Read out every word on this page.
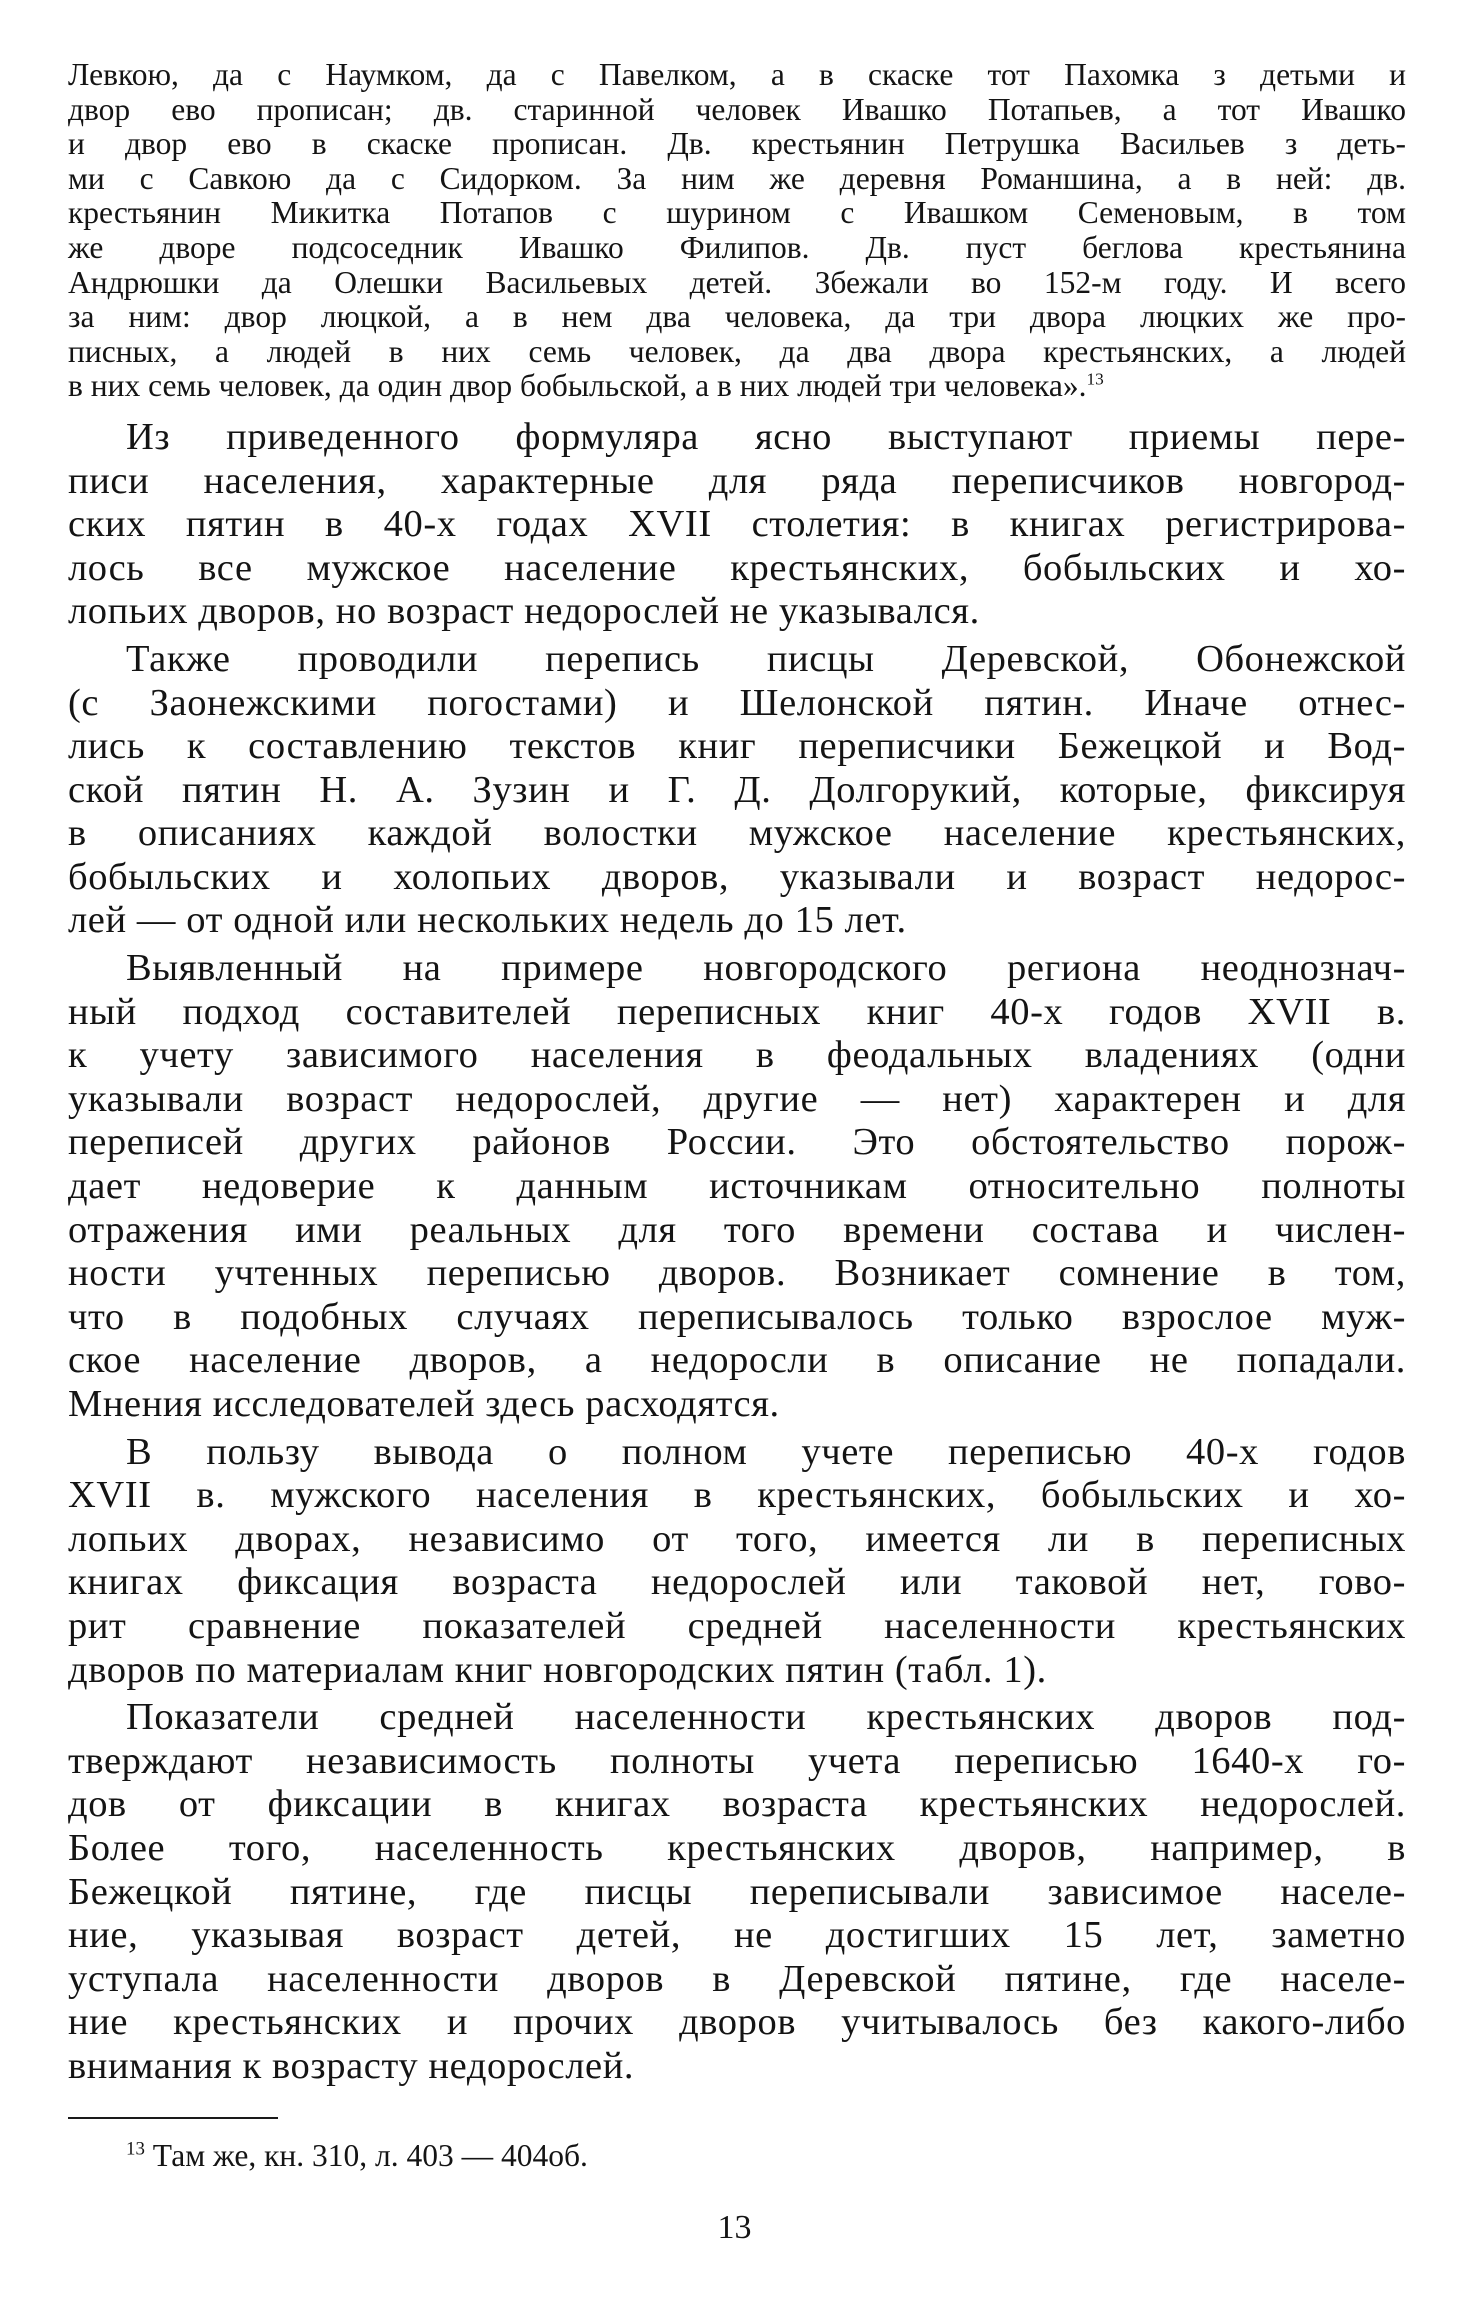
Левкою, да с Наумком, да с Павелком, а в скаске тот Пахомка з детьми и
двор ево прописан; дв. старинной человек Ивашко Потапьев, а тот Ивашко
и двор ево в скаске прописан. Дв. крестьянин Петрушка Васильев з деть-
ми с Савкою да с Сидорком. За ним же деревня Романшина, а в ней: дв.
крестьянин Микитка Потапов с шурином с Ивашком Семеновым, в том
же дворе подсоседник Ивашко Филипов. Дв. пуст беглова крестьянина
Андрюшки да Олешки Васильевых детей. Збежали во 152-м году. И всего
за ним: двор люцкой, а в нем два человека, да три двора люцких же про-
писных, а людей в них семь человек, да два двора крестьянских, а людей
в них семь человек, да один двор бобыльской, а в них людей три человека».$^{13}$
Из приведенного формуляра ясно выступают приемы пере-
писи населения, характерные для ряда переписчиков новгород-
ских пятин в 40-х годах XVII столетия: в книгах регистрирова-
лось все мужское население крестьянских, бобыльских и хо-
лопьих дворов, но возраст недорослей не указывался.
Также проводили перепись писцы Деревской, Обонежской
(с Заонежскими погостами) и Шелонской пятин. Иначе отнес-
лись к составлению текстов книг переписчики Бежецкой и Вод-
ской пятин Н. А. Зузин и Г. Д. Долгорукий, которые, фиксируя
в описаниях каждой волостки мужское население крестьянских,
бобыльских и холопьих дворов, указывали и возраст недорос-
лей — от одной или нескольких недель до 15 лет.
Выявленный на примере новгородского региона неоднознач-
ный подход составителей переписных книг 40-х годов XVII в.
к учету зависимого населения в феодальных владениях (одни
указывали возраст недорослей, другие — нет) характерен и для
переписей других районов России. Это обстоятельство порож-
дает недоверие к данным источникам относительно полноты
отражения ими реальных для того времени состава и числен-
ности учтенных переписью дворов. Возникает сомнение в том,
что в подобных случаях переписывалось только взрослое муж-
ское население дворов, а недоросли в описание не попадали.
Мнения исследователей здесь расходятся.
В пользу вывода о полном учете переписью 40-х годов
XVII в. мужского населения в крестьянских, бобыльских и хо-
лопьих дворах, независимо от того, имеется ли в переписных
книгах фиксация возраста недорослей или таковой нет, гово-
рит сравнение показателей средней населенности крестьянских
дворов по материалам книг новгородских пятин (табл. 1).
Показатели средней населенности крестьянских дворов под-
тверждают независимость полноты учета переписью 1640-х го-
дов от фиксации в книгах возраста крестьянских недорослей.
Более того, населенность крестьянских дворов, например, в
Бежецкой пятине, где писцы переписывали зависимое населе-
ние, указывая возраст детей, не достигших 15 лет, заметно
уступала населенности дворов в Деревской пятине, где населе-
ние крестьянских и прочих дворов учитывалось без какого-либо
внимания к возрасту недорослей.
$^{13}$ Там же, кн. 310, л. 403 — 404об.
13
